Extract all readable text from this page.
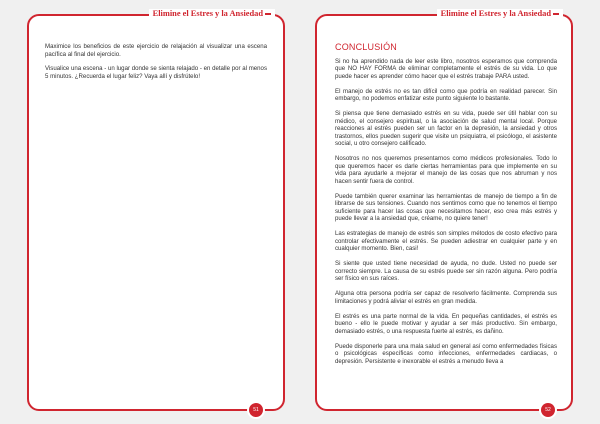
Elimine el Estres y la Ansiedad

Maximice los beneficios de este ejercicio de relajación al visualizar una escena pacífica al final del ejercicio.

Visualice una escena - un lugar donde se sienta relajado - en detalle por al menos 5 minutos. ¿Recuerda el lugar feliz? Vaya allí y disfrútelo!

51
Elimine el Estres y la Ansiedad
CONCLUSIÓN

Si no ha aprendido nada de leer este libro, nosotros esperamos que comprenda que NO HAY FORMA de eliminar completamente el estrés de su vida. Lo que puede hacer es aprender cómo hacer que el estrés trabaje PARA usted.

El manejo de estrés no es tan difícil como que podría en realidad parecer. Sin embargo, no podemos enfatizar este punto siguiente lo bastante.

Si piensa que tiene demasiado estrés en su vida, puede ser útil hablar con su médico, el consejero espiritual, o la asociación de salud mental local. Porque reacciones al estrés pueden ser un factor en la depresión, la ansiedad y otros trastornos, ellos pueden sugerir que visite un psiquiatra, el psicólogo, el asistente social, u otro consejero calificado.

Nosotros no nos queremos presentarnos como médicos profesionales. Todo lo que queremos hacer es darle ciertas herramientas para que implemente en su vida para ayudarle a mejorar el manejo de las cosas que nos abruman y nos hacen sentir fuera de control.

Puede también querer examinar las herramientas de manejo de tiempo a fin de librarse de sus tensiones. Cuando nos sentimos como que no tenemos el tiempo suficiente para hacer las cosas que necesitamos hacer, eso crea más estrés y puede llevar a la ansiedad que, créame, no quiere tener!

Las estrategias de manejo de estrés son simples métodos de costo efectivo para controlar efectivamente el estrés. Se pueden adiestrar en cualquier parte y en cualquier momento. Bien, casi!

Si siente que usted tiene necesidad de ayuda, no dude. Usted no puede ser correcto siempre. La causa de su estrés puede ser sin razón alguna. Pero podría ser físico en sus raíces.

Alguna otra persona podría ser capaz de resolverlo fácilmente. Comprenda sus limitaciones y podrá aliviar el estrés en gran medida.

El estrés es una parte normal de la vida. En pequeñas cantidades, el estrés es bueno - ello le puede motivar y ayudar a ser más productivo. Sin embargo, demasiado estrés, o una respuesta fuerte al estrés, es dañino.

Puede disponerle para una mala salud en general así como enfermedades físicas o psicológicas específicas como infecciones, enfermedades cardiacas, o depresión. Persistente e inexorable el estrés a menudo lleva a

52
